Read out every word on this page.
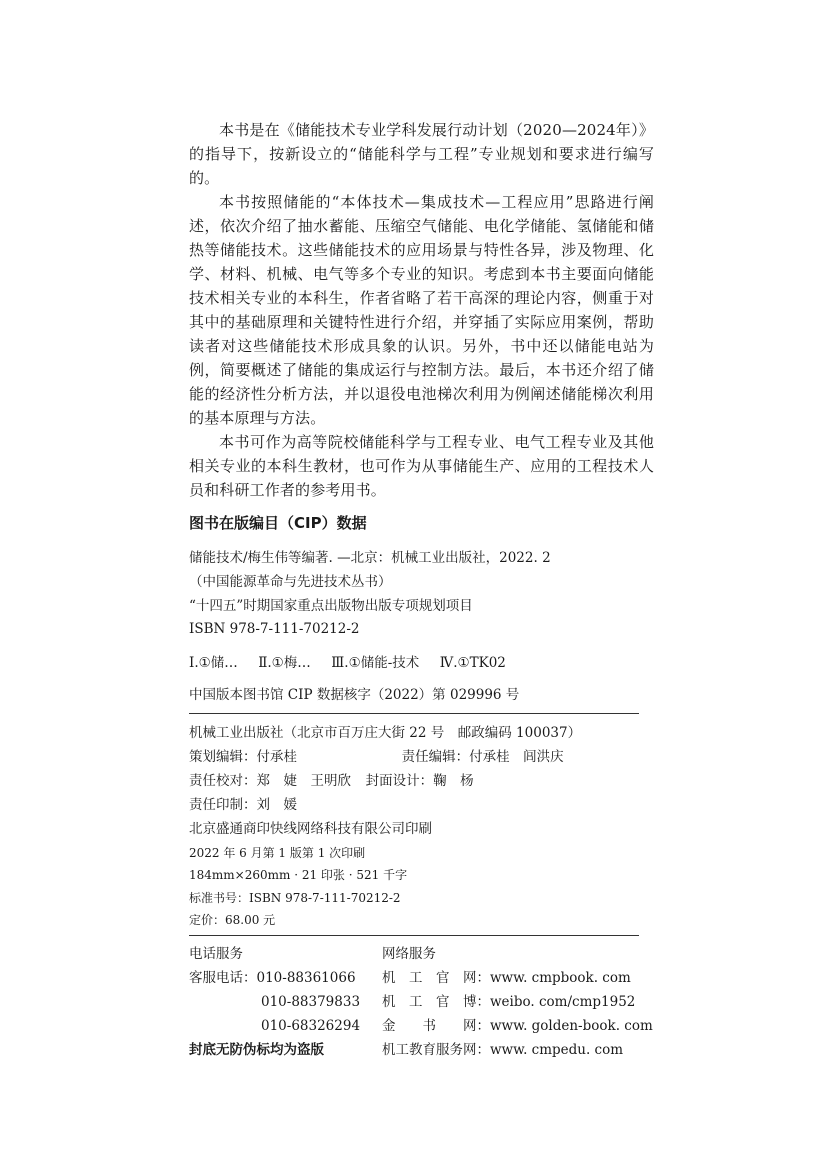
本书是在《储能技术专业学科发展行动计划（2020—2024年）》的指导下，按新设立的“储能科学与工程”专业规划和要求进行编写的。

本书按照储能的“本体技术—集成技术—工程应用”思路进行阐述，依次介绍了抽水蓄能、压缩空气储能、电化学储能、氢储能和储热等储能技术。这些储能技术的应用场景与特性各异，涉及物理、化学、材料、机械、电气等多个专业的知识。考虑到本书主要面向储能技术相关专业的本科生，作者省略了若干高深的理论内容，侧重于对其中的基础原理和关键特性进行介绍，并穿插了实际应用案例，帮助读者对这些储能技术形成具象的认识。另外，书中还以储能电站为例，简要概述了储能的集成运行与控制方法。最后，本书还介绍了储能的经济性分析方法，并以退役电池梯次利用为例阐述储能梯次利用的基本原理与方法。

本书可作为高等院校储能科学与工程专业、电气工程专业及其他相关专业的本科生教材，也可作为从事储能生产、应用的工程技术人员和科研工作者的参考用书。

图书在版编目（CIP）数据
储能技术/梅生伟等编著. —北京：机械工业出版社，2022. 2
（中国能源革命与先进技术丛书）
“十四五”时期国家重点出版物出版专项规划项目
ISBN 978-7-111-70212-2
Ⅰ.①储… Ⅱ.①梅… Ⅲ.①储能-技术 Ⅳ.①TK02
中国版本图书馆 CIP 数据核字（2022）第 029996 号
机械工业出版社（北京市百万庄大街 22 号　邮政编码 100037）
策划编辑：付承桂	责任编辑：付承桂　闾洪庆
责任校对：郑　婕　王明欣 封面设计：鞠　杨
责任印制：刘　媛
北京盛通商印快线网络科技有限公司印刷
2022 年 6 月第 1 版第 1 次印刷
184mm×260mm · 21 印张 · 521 千字
标准书号：ISBN 978-7-111-70212-2
定价：68.00 元
电话服务	网络服务
客服电话：010-88361066 机　工　官　网：www. cmpbook. com
010-88379833 机　工　官　博：weibo. com/cmp1952
010-68326294 金　　书　　网：www. golden-book. com
封底无防伪标均为盗版	机工教育服务网：www. cmpedu. com
